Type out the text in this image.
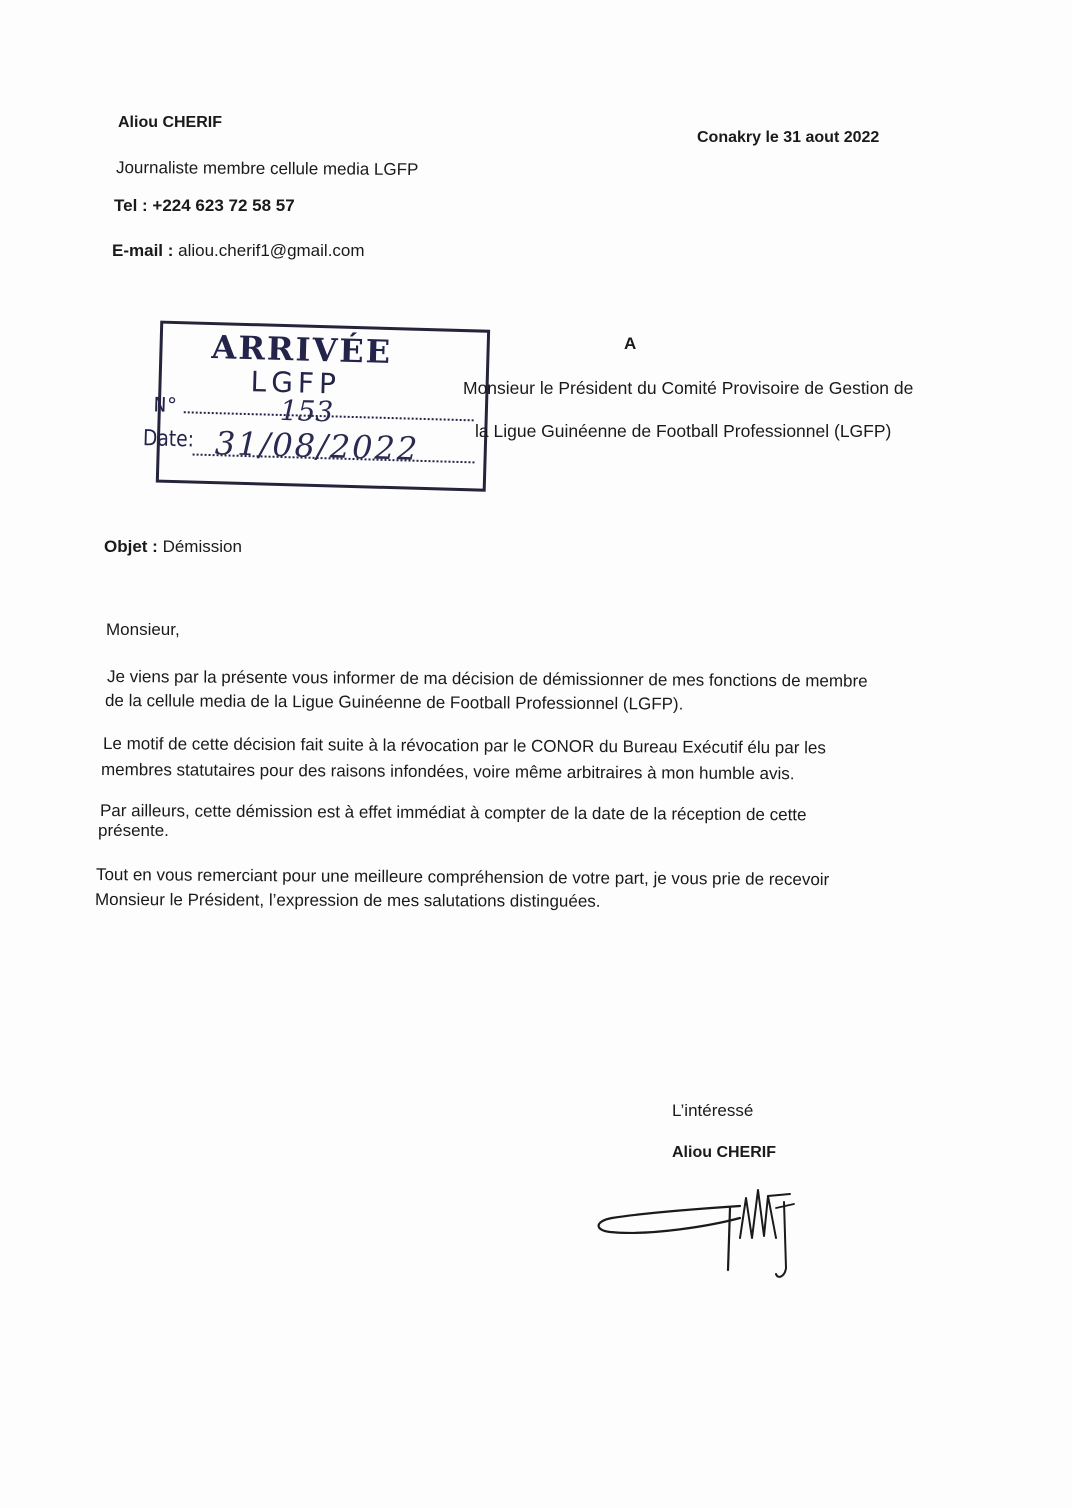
Aliou CHERIF
Journaliste membre cellule media LGFP
Tel : +224 623 72 58 57
E-mail : aliou.cherif1@gmail.com
Conakry le 31 aout 2022
ARRIVÉE
LGFP
N°	153
Date: 31/08/2022
A
Monsieur le Président du Comité Provisoire de Gestion de
la Ligue Guinéenne de Football Professionnel (LGFP)
Objet : Démission
Monsieur,
Je viens par la présente vous informer de ma décision de démissionner de mes fonctions de membre
de la cellule media de la Ligue Guinéenne de Football Professionnel (LGFP).
Le motif de cette décision fait suite à la révocation par le CONOR du Bureau Exécutif élu par les
membres statutaires pour des raisons infondées, voire même arbitraires à mon humble avis.
Par ailleurs, cette démission est à effet immédiat à compter de la date de la réception de cette
présente.
Tout en vous remerciant pour une meilleure compréhension de votre part, je vous prie de recevoir
Monsieur le Président, l’expression de mes salutations distinguées.
L’intéressé
Aliou CHERIF
